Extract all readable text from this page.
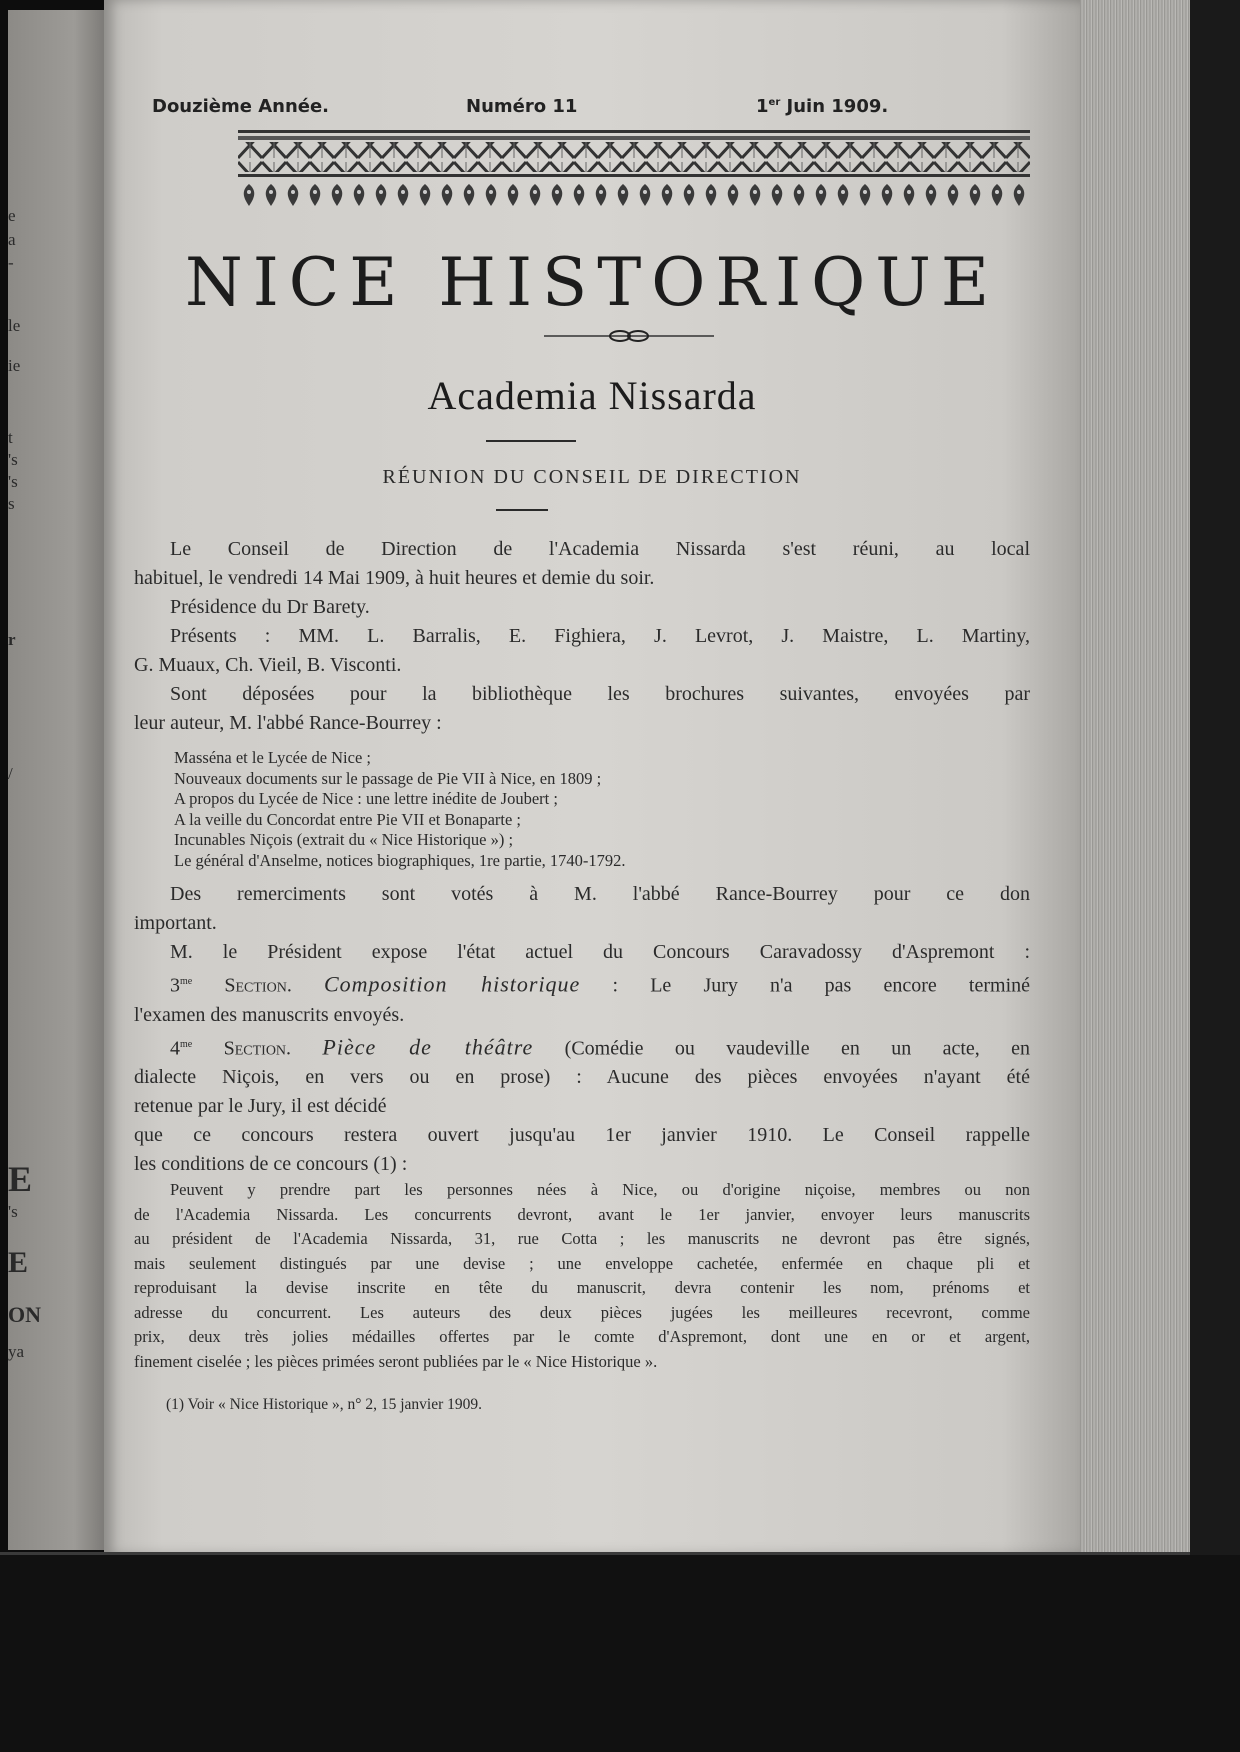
e
a
-
le
ie
t
's
's
s
r
/
E
's
E
ON
ya
Douzième Année.	Numéro 11	1er Juin 1909.
NICE HISTORIQUE
Academia Nissarda
RÉUNION DU CONSEIL DE DIRECTION
Le Conseil de Direction de l'Academia Nissarda s'est réuni, au local
habituel, le vendredi 14 Mai 1909, à huit heures et demie du soir.
Présidence du Dr Barety.
Présents : MM. L. Barralis, E. Fighiera, J. Levrot, J. Maistre, L. Martiny,
G. Muaux, Ch. Vieil, B. Visconti.
Sont déposées pour la bibliothèque les brochures suivantes, envoyées par
leur auteur, M. l'abbé Rance-Bourrey :
Masséna et le Lycée de Nice ;
Nouveaux documents sur le passage de Pie VII à Nice, en 1809 ;
A propos du Lycée de Nice : une lettre inédite de Joubert ;
A la veille du Concordat entre Pie VII et Bonaparte ;
Incunables Niçois (extrait du « Nice Historique ») ;
Le général d'Anselme, notices biographiques, 1re partie, 1740-1792.
Des remerciments sont votés à M. l'abbé Rance-Bourrey pour ce don
important.
M. le Président expose l'état actuel du Concours Caravadossy d'Aspremont :
$3^{me}$ Section. Composition historique : Le Jury n'a pas encore terminé
l'examen des manuscrits envoyés.
$4^{me}$ Section. Pièce de théâtre (Comédie ou vaudeville en un acte, en
dialecte Niçois, en vers ou en prose) : Aucune des pièces envoyées n'ayant été
retenue par le Jury, il est décidé
que ce concours restera ouvert jusqu'au 1er janvier 1910. Le Conseil rappelle
les conditions de ce concours (1) :
Peuvent y prendre part les personnes nées à Nice, ou d'origine niçoise, membres ou non
de l'Academia Nissarda. Les concurrents devront, avant le 1er janvier, envoyer leurs manuscrits
au président de l'Academia Nissarda, 31, rue Cotta ; les manuscrits ne devront pas être signés,
mais seulement distingués par une devise ; une enveloppe cachetée, enfermée en chaque pli et
reproduisant la devise inscrite en tête du manuscrit, devra contenir les nom, prénoms et
adresse du concurrent. Les auteurs des deux pièces jugées les meilleures recevront, comme
prix, deux très jolies médailles offertes par le comte d'Aspremont, dont une en or et argent,
finement ciselée ; les pièces primées seront publiées par le « Nice Historique ».
(1) Voir « Nice Historique », n° 2, 15 janvier 1909.
